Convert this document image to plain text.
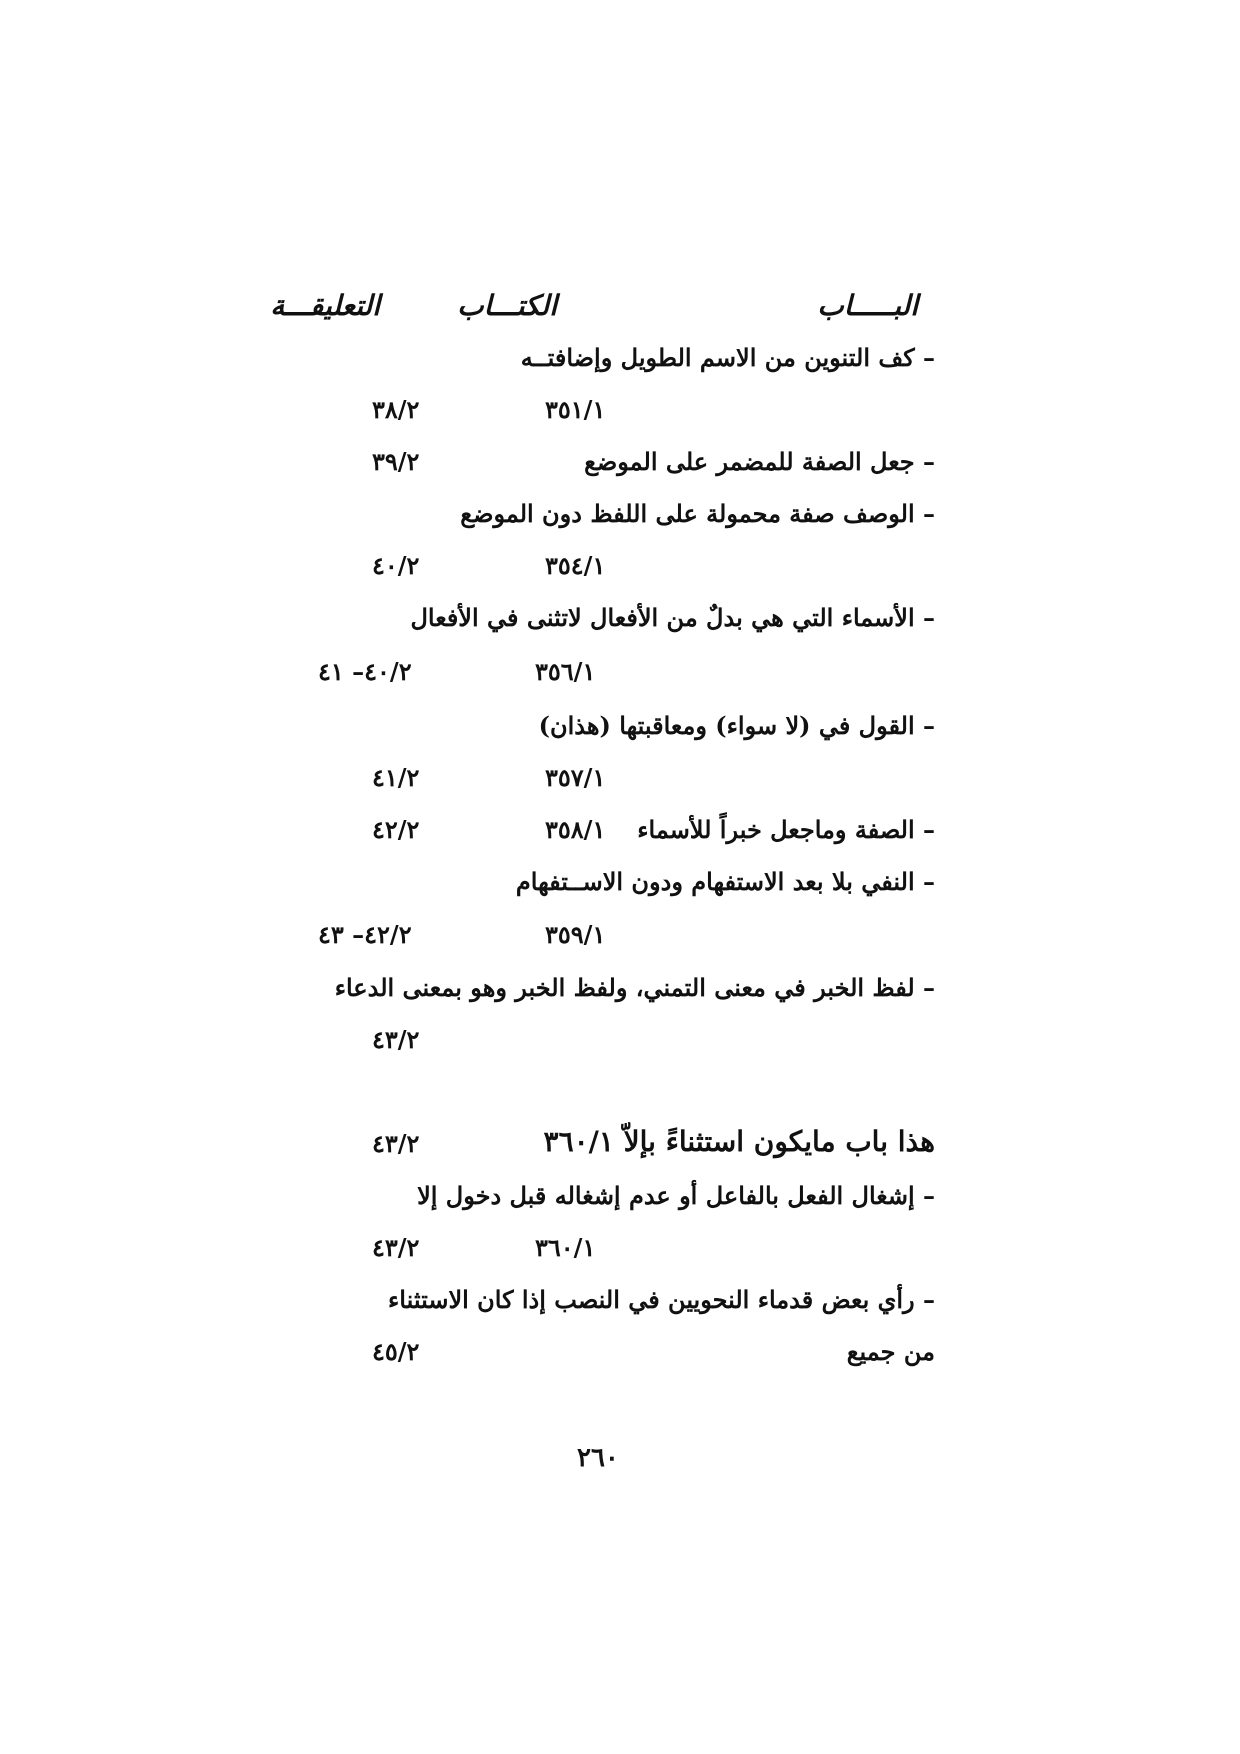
البـــــاب
الكتـــاب
التعليقـــة
– كف التنوين من الاسم الطويل وإضافتــه
٣٥١/١
٣٨/٢
– جعل الصفة للمضمر على الموضع
٣٩/٢
– الوصف صفة محمولة على اللفظ دون الموضع
٣٥٤/١
٤٠/٢
– الأسماء التي هي بدلٌ من الأفعال لاتثنى في الأفعال
٣٥٦/١
٤٠/٢– ٤١
– القول في (لا سواء) ومعاقبتها (هذان)
٣٥٧/١
٤١/٢
– الصفة وماجعل خبراً للأسماء
٣٥٨/١
٤٢/٢
– النفي بلا بعد الاستفهام ودون الاســتفهام
٣٥٩/١
٤٢/٢– ٤٣
– لفظ الخبر في معنى التمني، ولفظ الخبر وهو بمعنى الدعاء
٤٣/٢
هذا باب مايكون استثناءً بإلاّ ٣٦٠/١
٤٣/٢
– إشغال الفعل بالفاعل أو عدم إشغاله قبل دخول إلا
٣٦٠/١
٤٣/٢
– رأي بعض قدماء النحويين في النصب إذا كان الاستثناء
من جميع
٤٥/٢
٢٦٠
